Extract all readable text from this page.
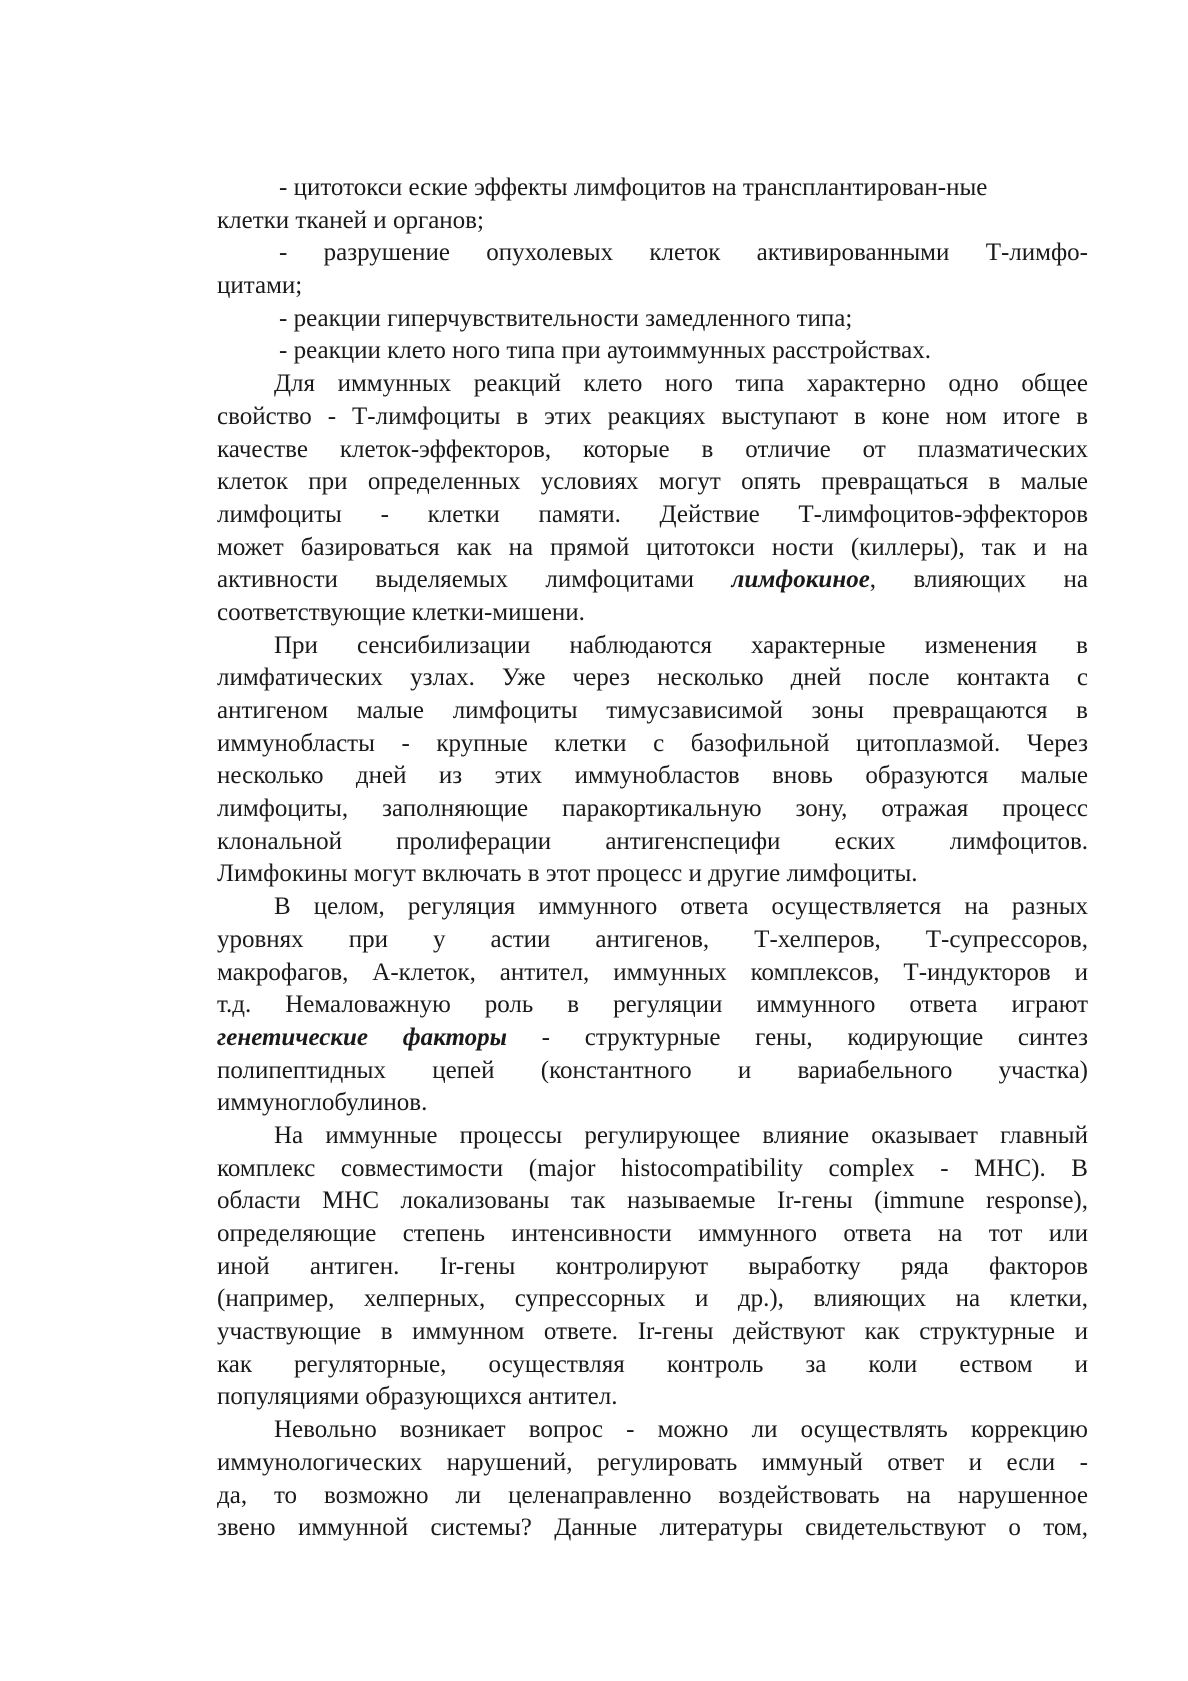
- цитотокси еские эффекты лимфоцитов на трансплантирован-ные
клетки тканей и органов;
- разрушение опухолевых клеток активированными Т-лимфо-
цитами;
- реакции гиперчувствительности замедленного типа;
- реакции клето ного типа при аутоиммунных расстройствах.
Для иммунных реакций клето ного типа характерно одно общее
свойство - Т-лимфоциты в этих реакциях выступают в коне ном итоге в
качестве клеток-эффекторов, которые в отличие от плазматических
клеток при определенных условиях могут опять превращаться в малые
лимфоциты - клетки памяти. Действие Т-лимфоцитов-эффекторов
может базироваться как на прямой цитотокси ности (киллеры), так и на
активности выделяемых лимфоцитами лимфокиное, влияющих на
соответствующие клетки-мишени.
При сенсибилизации наблюдаются характерные изменения в
лимфатических узлах. Уже через несколько дней после контакта с
антигеном малые лимфоциты тимусзависимой зоны превращаются в
иммунобласты - крупные клетки с базофильной цитоплазмой. Через
несколько дней из этих иммунобластов вновь образуются малые
лимфоциты, заполняющие паракортикальную зону, отражая процесс
клональной пролиферации антигенспецифи еских лимфоцитов.
Лимфокины могут включать в этот процесс и другие лимфоциты.
В целом, регуляция иммунного ответа осуществляется на разных
уровнях при у астии антигенов, Т-хелперов, Т-супрессоров,
макрофагов, А-клеток, антител, иммунных комплексов, Т-индукторов и
т.д. Немаловажную роль в регуляции иммунного ответа играют
генетические факторы - структурные гены, кодирующие синтез
полипептидных цепей (константного и вариабельного участка)
иммуноглобулинов.
На иммунные процессы регулирующее влияние оказывает главный
комплекс совместимости (major histocompatibility complex - MHC). В
области МНС локализованы так называемые Ir-гены (immune response),
определяющие степень интенсивности иммунного ответа на тот или
иной антиген. Ir-гены контролируют выработку ряда факторов
(например, хелперных, супрессорных и др.), влияющих на клетки,
участвующие в иммунном ответе. Ir-гены действуют как структурные и
как регуляторные, осуществляя контроль за коли еством и
популяциями образующихся антител.
Невольно возникает вопрос - можно ли осуществлять коррекцию
иммунологических нарушений, регулировать иммуный ответ и если -
да, то возможно ли целенаправленно воздействовать на нарушенное
звено иммунной системы? Данные литературы свидетельствуют о том,
